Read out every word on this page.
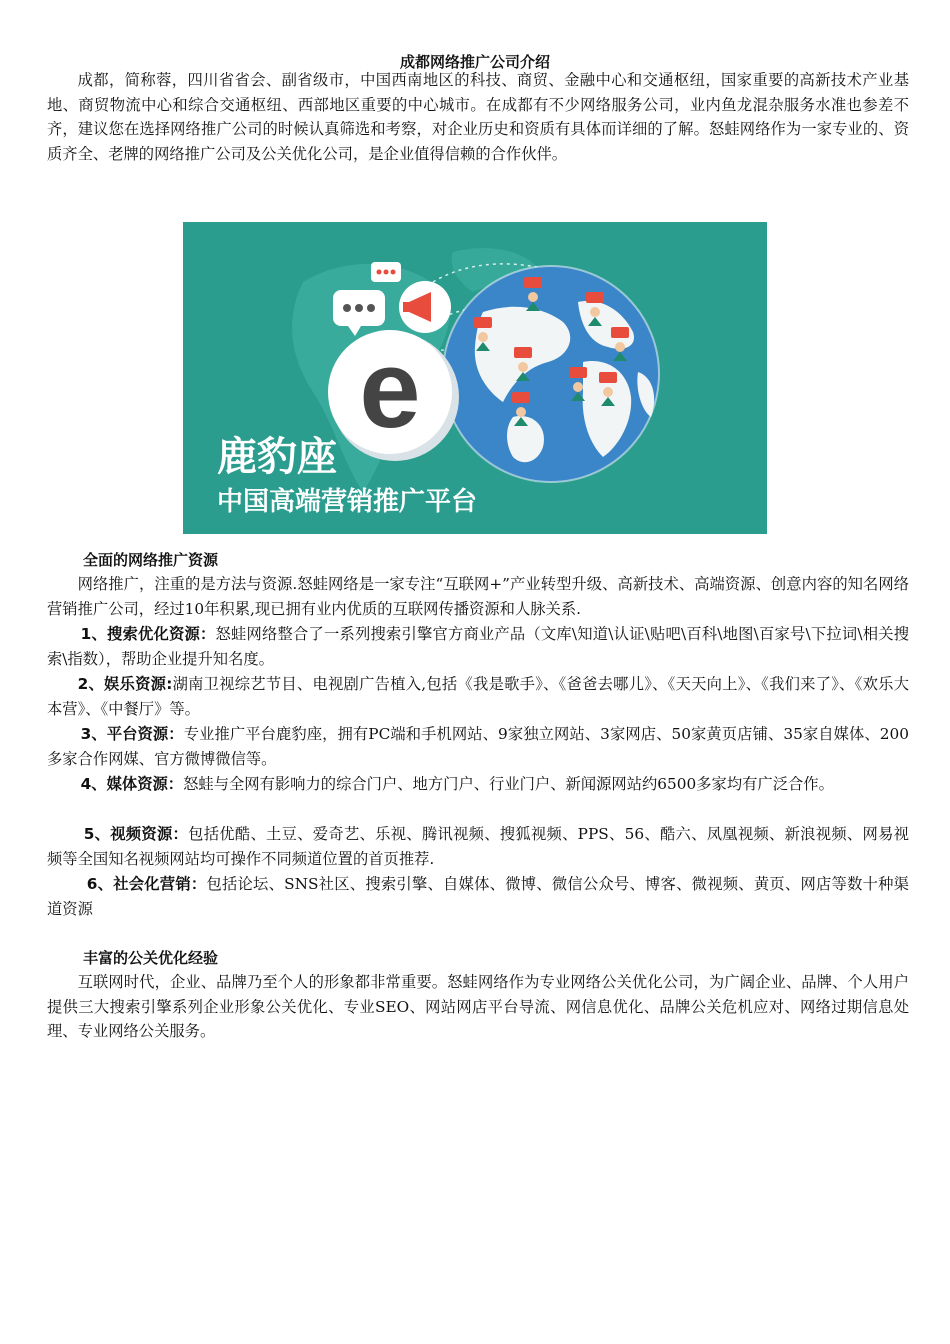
成都网络推广公司介绍

成都，简称蓉，四川省省会、副省级市，中国西南地区的科技、商贸、金融中心和交通枢纽，国家重要的高新技术产业基地、商贸物流中心和综合交通枢纽、西部地区重要的中心城市。在成都有不少网络服务公司，业内鱼龙混杂服务水准也参差不齐，建议您在选择网络推广公司的时候认真筛选和考察，对企业历史和资质有具体而详细的了解。怒蛙网络作为一家专业的、资质齐全、老牌的网络推广公司及公关优化公司，是企业值得信赖的合作伙伴。

e
鹿豹座
中国高端营销推广平台
全面的网络推广资源

网络推广，注重的是方法与资源.怒蛙网络是一家专注“互联网+”产业转型升级、高新技术、高端资源、创意内容的知名网络营销推广公司，经过10年积累,现已拥有业内优质的互联网传播资源和人脉关系.

1、搜索优化资源：怒蛙网络整合了一系列搜索引擎官方商业产品（文库\知道\认证\贴吧\百科\地图\百家号\下拉词\相关搜索\指数），帮助企业提升知名度。

2、娱乐资源:湖南卫视综艺节目、电视剧广告植入,包括《我是歌手》、《爸爸去哪儿》、《天天向上》、《我们来了》、《欢乐大本营》、《中餐厅》等。

3、平台资源：专业推广平台鹿豹座，拥有PC端和手机网站、9家独立网站、3家网店、50家黄页店铺、35家自媒体、200多家合作网媒、官方微博微信等。

4、媒体资源：怒蛙与全网有影响力的综合门户、地方门户、行业门户、新闻源网站约6500多家均有广泛合作。

5、视频资源：包括优酷、土豆、爱奇艺、乐视、腾讯视频、搜狐视频、PPS、56、酷六、凤凰视频、新浪视频、网易视频等全国知名视频网站均可操作不同频道位置的首页推荐.

6、社会化营销：包括论坛、SNS社区、搜索引擎、自媒体、微博、微信公众号、博客、微视频、黄页、网店等数十种渠道资源

丰富的公关优化经验

互联网时代，企业、品牌乃至个人的形象都非常重要。怒蛙网络作为专业网络公关优化公司，为广阔企业、品牌、个人用户提供三大搜索引擎系列企业形象公关优化、专业SEO、网站网店平台导流、网信息优化、品牌公关危机应对、网络过期信息处理、专业网络公关服务。
